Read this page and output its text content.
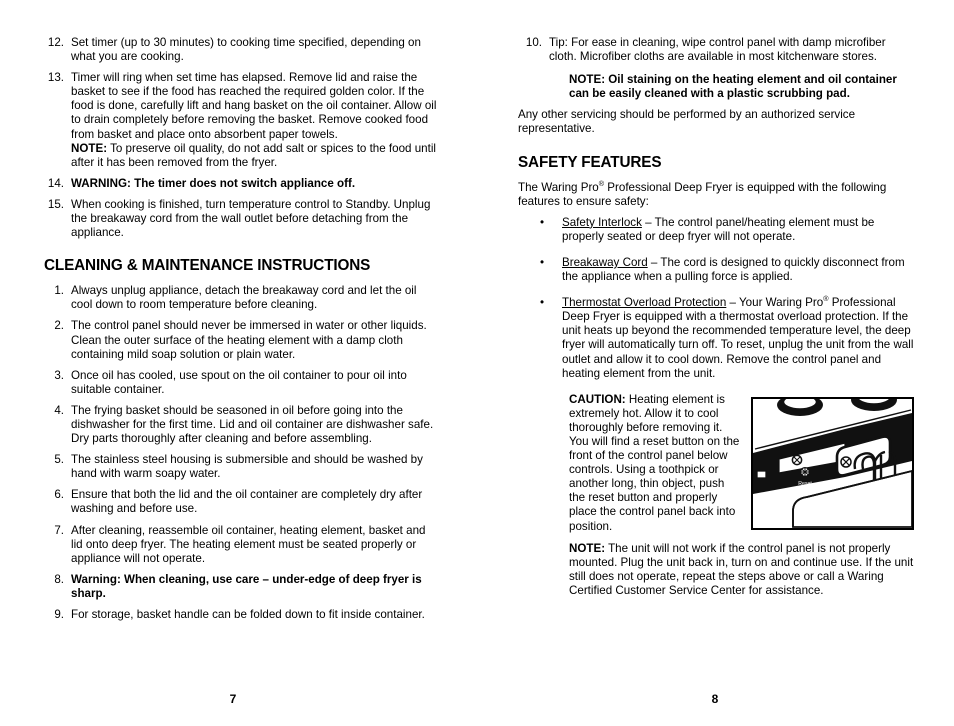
12. Set timer (up to 30 minutes) to cooking time specified, depending on what you are cooking.
13. Timer will ring when set time has elapsed. Remove lid and raise the basket to see if the food has reached the required golden color. If the food is done, carefully lift and hang basket on the oil container. Allow oil to drain completely before removing the basket. Remove cooked food from basket and place onto absorbent paper towels.
NOTE: To preserve oil quality, do not add salt or spices to the food until after it has been removed from the fryer.
14. WARNING: The timer does not switch appliance off.
15. When cooking is finished, turn temperature control to Standby. Unplug the breakaway cord from the wall outlet before detaching from the appliance.
CLEANING & MAINTENANCE INSTRUCTIONS
1. Always unplug appliance, detach the breakaway cord and let the oil cool down to room temperature before cleaning.
2. The control panel should never be immersed in water or other liquids. Clean the outer surface of the heating element with a damp cloth containing mild soap solution or plain water.
3. Once oil has cooled, use spout on the oil container to pour oil into suitable container.
4. The frying basket should be seasoned in oil before going into the dishwasher for the first time. Lid and oil container are dishwasher safe. Dry parts thoroughly after cleaning and before assembling.
5. The stainless steel housing is submersible and should be washed by hand with warm soapy water.
6. Ensure that both the lid and the oil container are completely dry after washing and before use.
7. After cleaning, reassemble oil container, heating element, basket and lid onto deep fryer. The heating element must be seated properly or appliance will not operate.
8. Warning: When cleaning, use care – under-edge of deep fryer is sharp.
9. For storage, basket handle can be folded down to fit inside container.
10. Tip: For ease in cleaning, wipe control panel with damp microfiber cloth. Microfiber cloths are available in most kitchenware stores.
NOTE: Oil staining on the heating element and oil container can be easily cleaned with a plastic scrubbing pad.
Any other servicing should be performed by an authorized service representative.
SAFETY FEATURES
The Waring Pro® Professional Deep Fryer is equipped with the following features to ensure safety:
•	Safety Interlock – The control panel/heating element must be properly seated or deep fryer will not operate.
•	Breakaway Cord – The cord is designed to quickly disconnect from the appliance when a pulling force is applied.
•	Thermostat Overload Protection – Your Waring Pro® Professional Deep Fryer is equipped with a thermostat overload protection. If the unit heats up beyond the recommended temperature level, the deep fryer will automatically turn off. To reset, unplug the unit from the wall outlet and allow it to cool down. Remove the control panel and heating element from the unit.
Reset
Button
CAUTION: Heating element is extremely hot. Allow it to cool thoroughly before removing it. You will find a reset button on the front of the control panel below controls. Using a toothpick or another long, thin object, push the reset button and properly place the control panel back into position.
NOTE: The unit will not work if the control panel is not properly mounted. Plug the unit back in, turn on and continue use. If the unit still does not operate, repeat the steps above or call a Waring Certified Customer Service Center for assistance.
7	8
